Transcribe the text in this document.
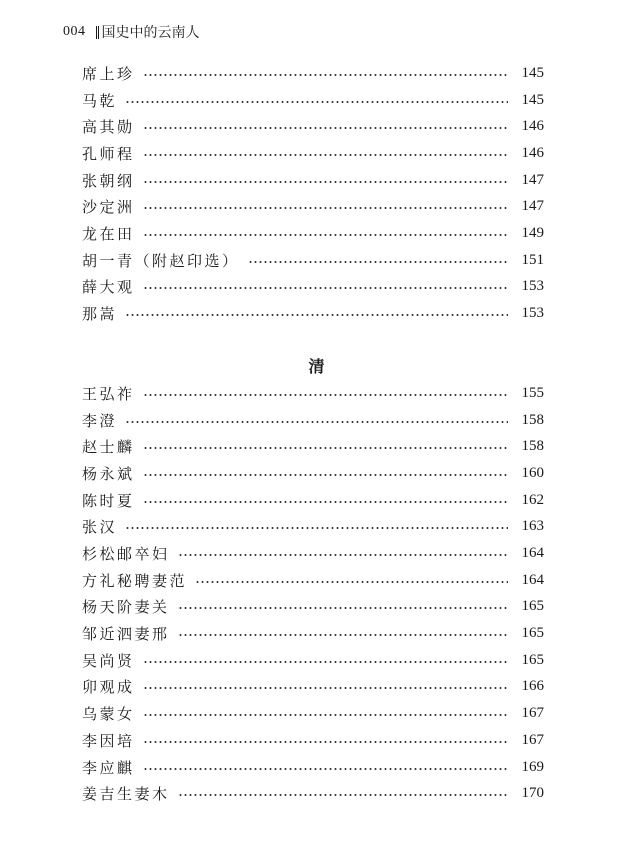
004 国史中的云南人
席上珍	145
马乾	145
高其勋	146
孔师程	146
张朝纲	147
沙定洲	147
龙在田	149
胡一青（附赵印选）	151
薛大观	153
那嵩	153
清
王弘祚	155
李澄	158
赵士麟	158
杨永斌	160
陈时夏	162
张汉	163
杉松邮卒妇	164
方礼秘聘妻范	164
杨天阶妻关	165
邹近泗妻邢	165
吴尚贤	165
卯观成	166
乌蒙女	167
李因培	167
李应麒	169
姜吉生妻木	170
